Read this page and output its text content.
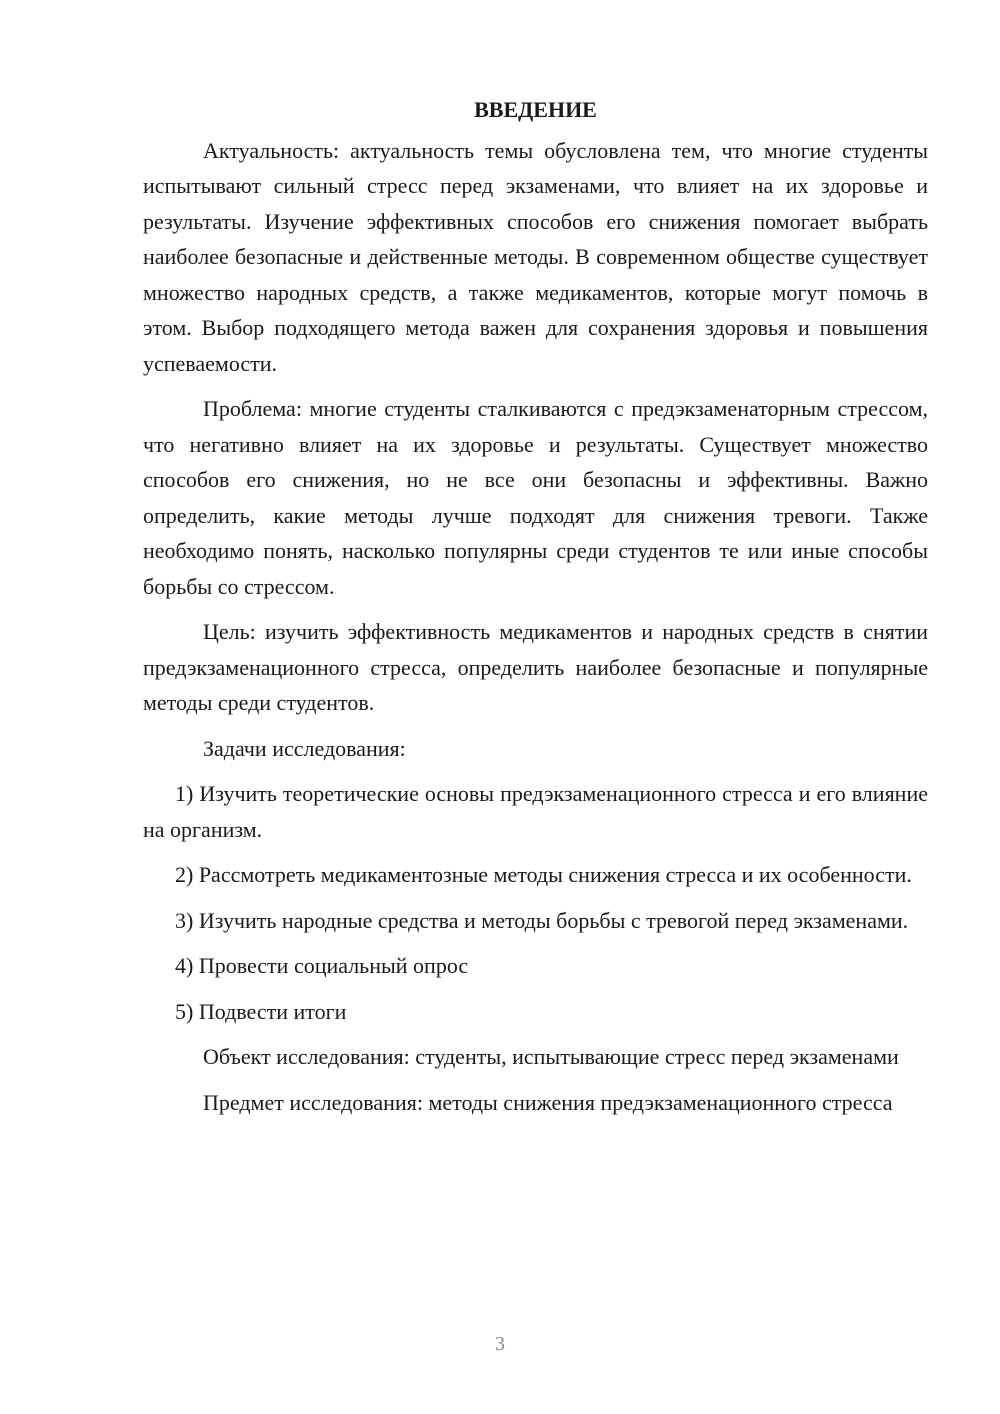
ВВЕДЕНИЕ

Актуальность: актуальность темы обусловлена тем, что многие студенты испытывают сильный стресс перед экзаменами, что влияет на их здоровье и результаты. Изучение эффективных способов его снижения помогает выбрать наиболее безопасные и действенные методы. В современном обществе существует множество народных средств, а также медикаментов, которые могут помочь в этом. Выбор подходящего метода важен для сохранения здоровья и повышения успеваемости.

Проблема: многие студенты сталкиваются с предэкзаменаторным стрессом, что негативно влияет на их здоровье и результаты. Существует множество способов его снижения, но не все они безопасны и эффективны. Важно определить, какие методы лучше подходят для снижения тревоги. Также необходимо понять, насколько популярны среди студентов те или иные способы борьбы со стрессом.

Цель: изучить эффективность медикаментов и народных средств в снятии предэкзаменационного стресса, определить наиболее безопасные и популярные методы среди студентов.

Задачи исследования:

1) Изучить теоретические основы предэкзаменационного стресса и его влияние на организм.

2) Рассмотреть медикаментозные методы снижения стресса и их особенности.

3) Изучить народные средства и методы борьбы с тревогой перед экзаменами.

4) Провести социальный опрос

5) Подвести итоги

Объект исследования: студенты, испытывающие стресс перед экзаменами

Предмет исследования: методы снижения предэкзаменационного стресса

3
